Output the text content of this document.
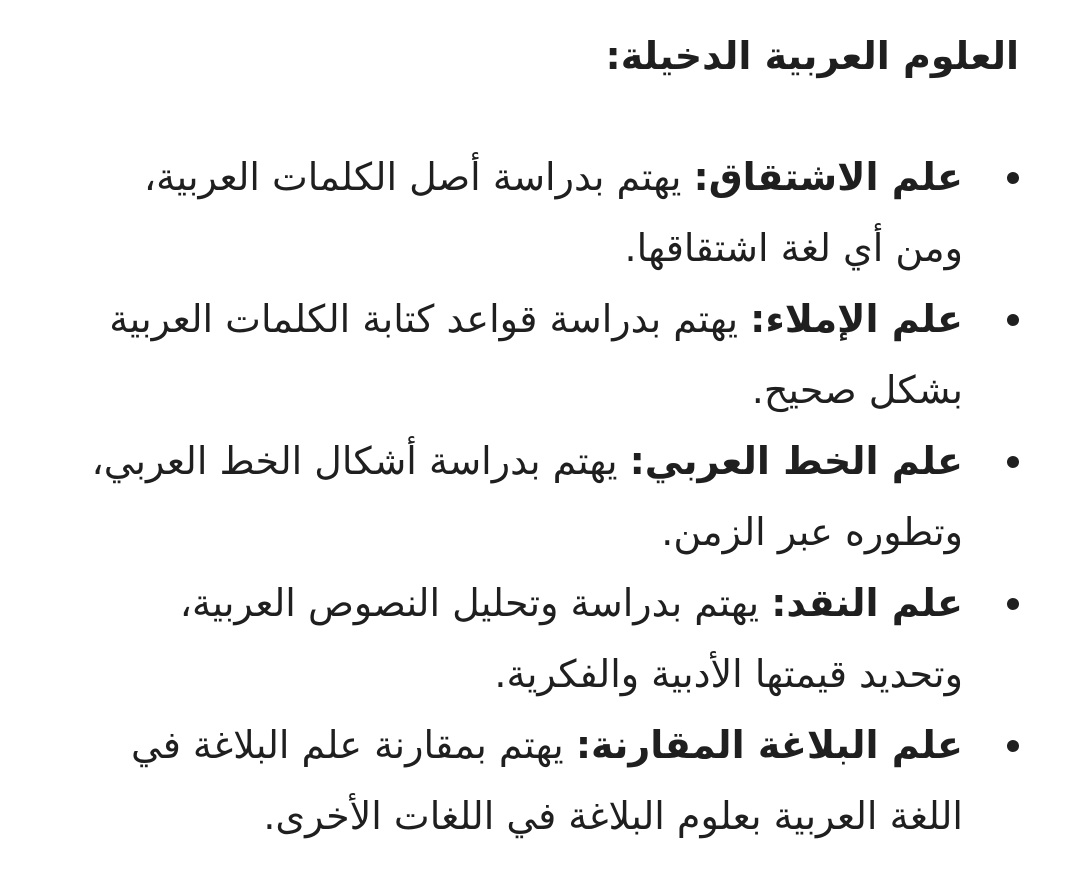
العلوم العربية الدخيلة:
علم الاشتقاق: يهتم بدراسة أصل الكلمات العربية، ومن أي لغة اشتقاقها.
علم الإملاء: يهتم بدراسة قواعد كتابة الكلمات العربية بشكل صحيح.
علم الخط العربي: يهتم بدراسة أشكال الخط العربي، وتطوره عبر الزمن.
علم النقد: يهتم بدراسة وتحليل النصوص العربية، وتحديد قيمتها الأدبية والفكرية.
علم البلاغة المقارنة: يهتم بمقارنة علم البلاغة في اللغة العربية بعلوم البلاغة في اللغات الأخرى.
